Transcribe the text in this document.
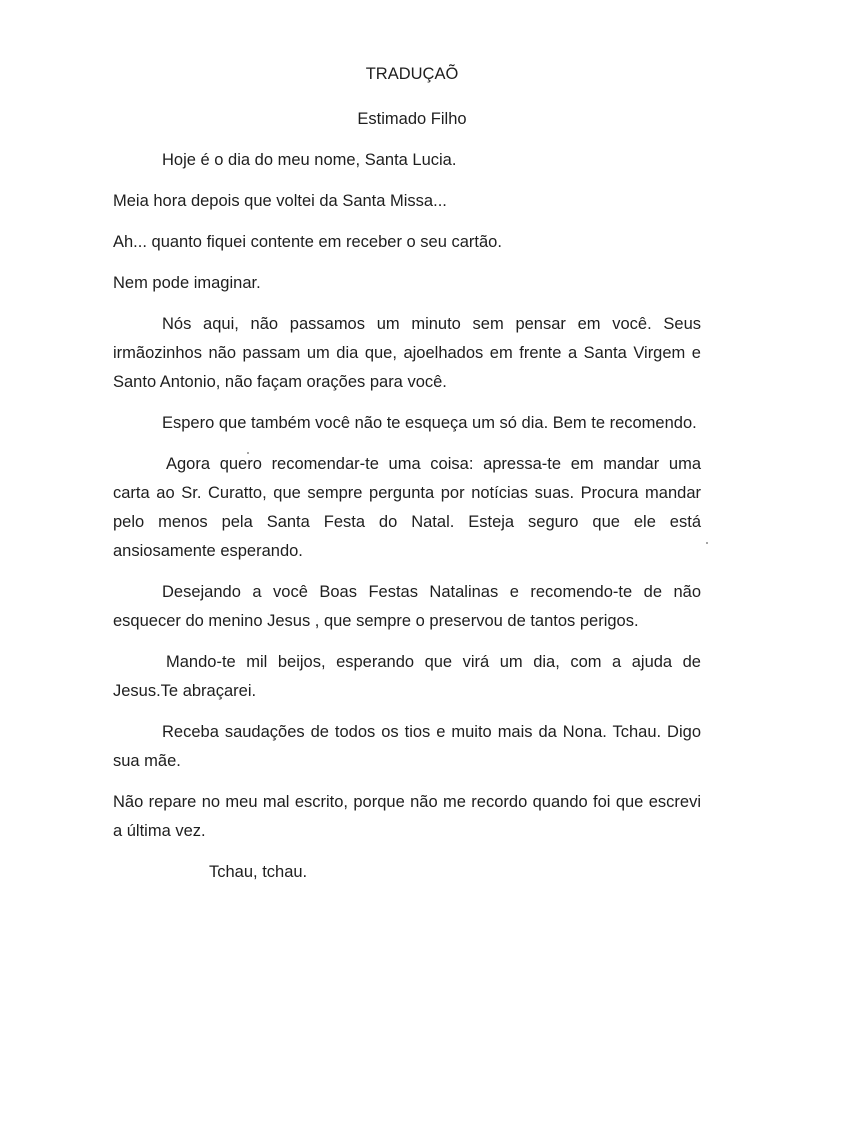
TRADUÇAÕ
Estimado Filho

Hoje é o dia do meu nome, Santa Lucia.

Meia hora depois que voltei da Santa Missa...

Ah... quanto fiquei contente em receber o seu cartão.

Nem pode imaginar.

Nós aqui, não passamos um minuto sem pensar em você. Seus irmãozinhos não passam um dia que, ajoelhados em frente a Santa Virgem e Santo Antonio, não façam orações para você.

Espero que também você não te esqueça um só dia. Bem te recomendo.

Agora quero recomendar-te uma coisa: apressa-te em mandar uma carta ao Sr. Curatto, que sempre pergunta por notícias suas. Procura mandar pelo menos pela Santa Festa do Natal. Esteja seguro que ele está ansiosamente esperando.

Desejando a você Boas Festas Natalinas e recomendo-te de não esquecer do menino Jesus , que sempre o preservou de tantos perigos.

Mando-te mil beijos, esperando que virá um dia, com a ajuda de Jesus.Te abraçarei.

Receba saudações de todos os tios e muito mais da Nona. Tchau. Digo sua mãe.

Não repare no meu mal escrito, porque não me recordo quando foi que escrevi a última vez.

Tchau, tchau.
